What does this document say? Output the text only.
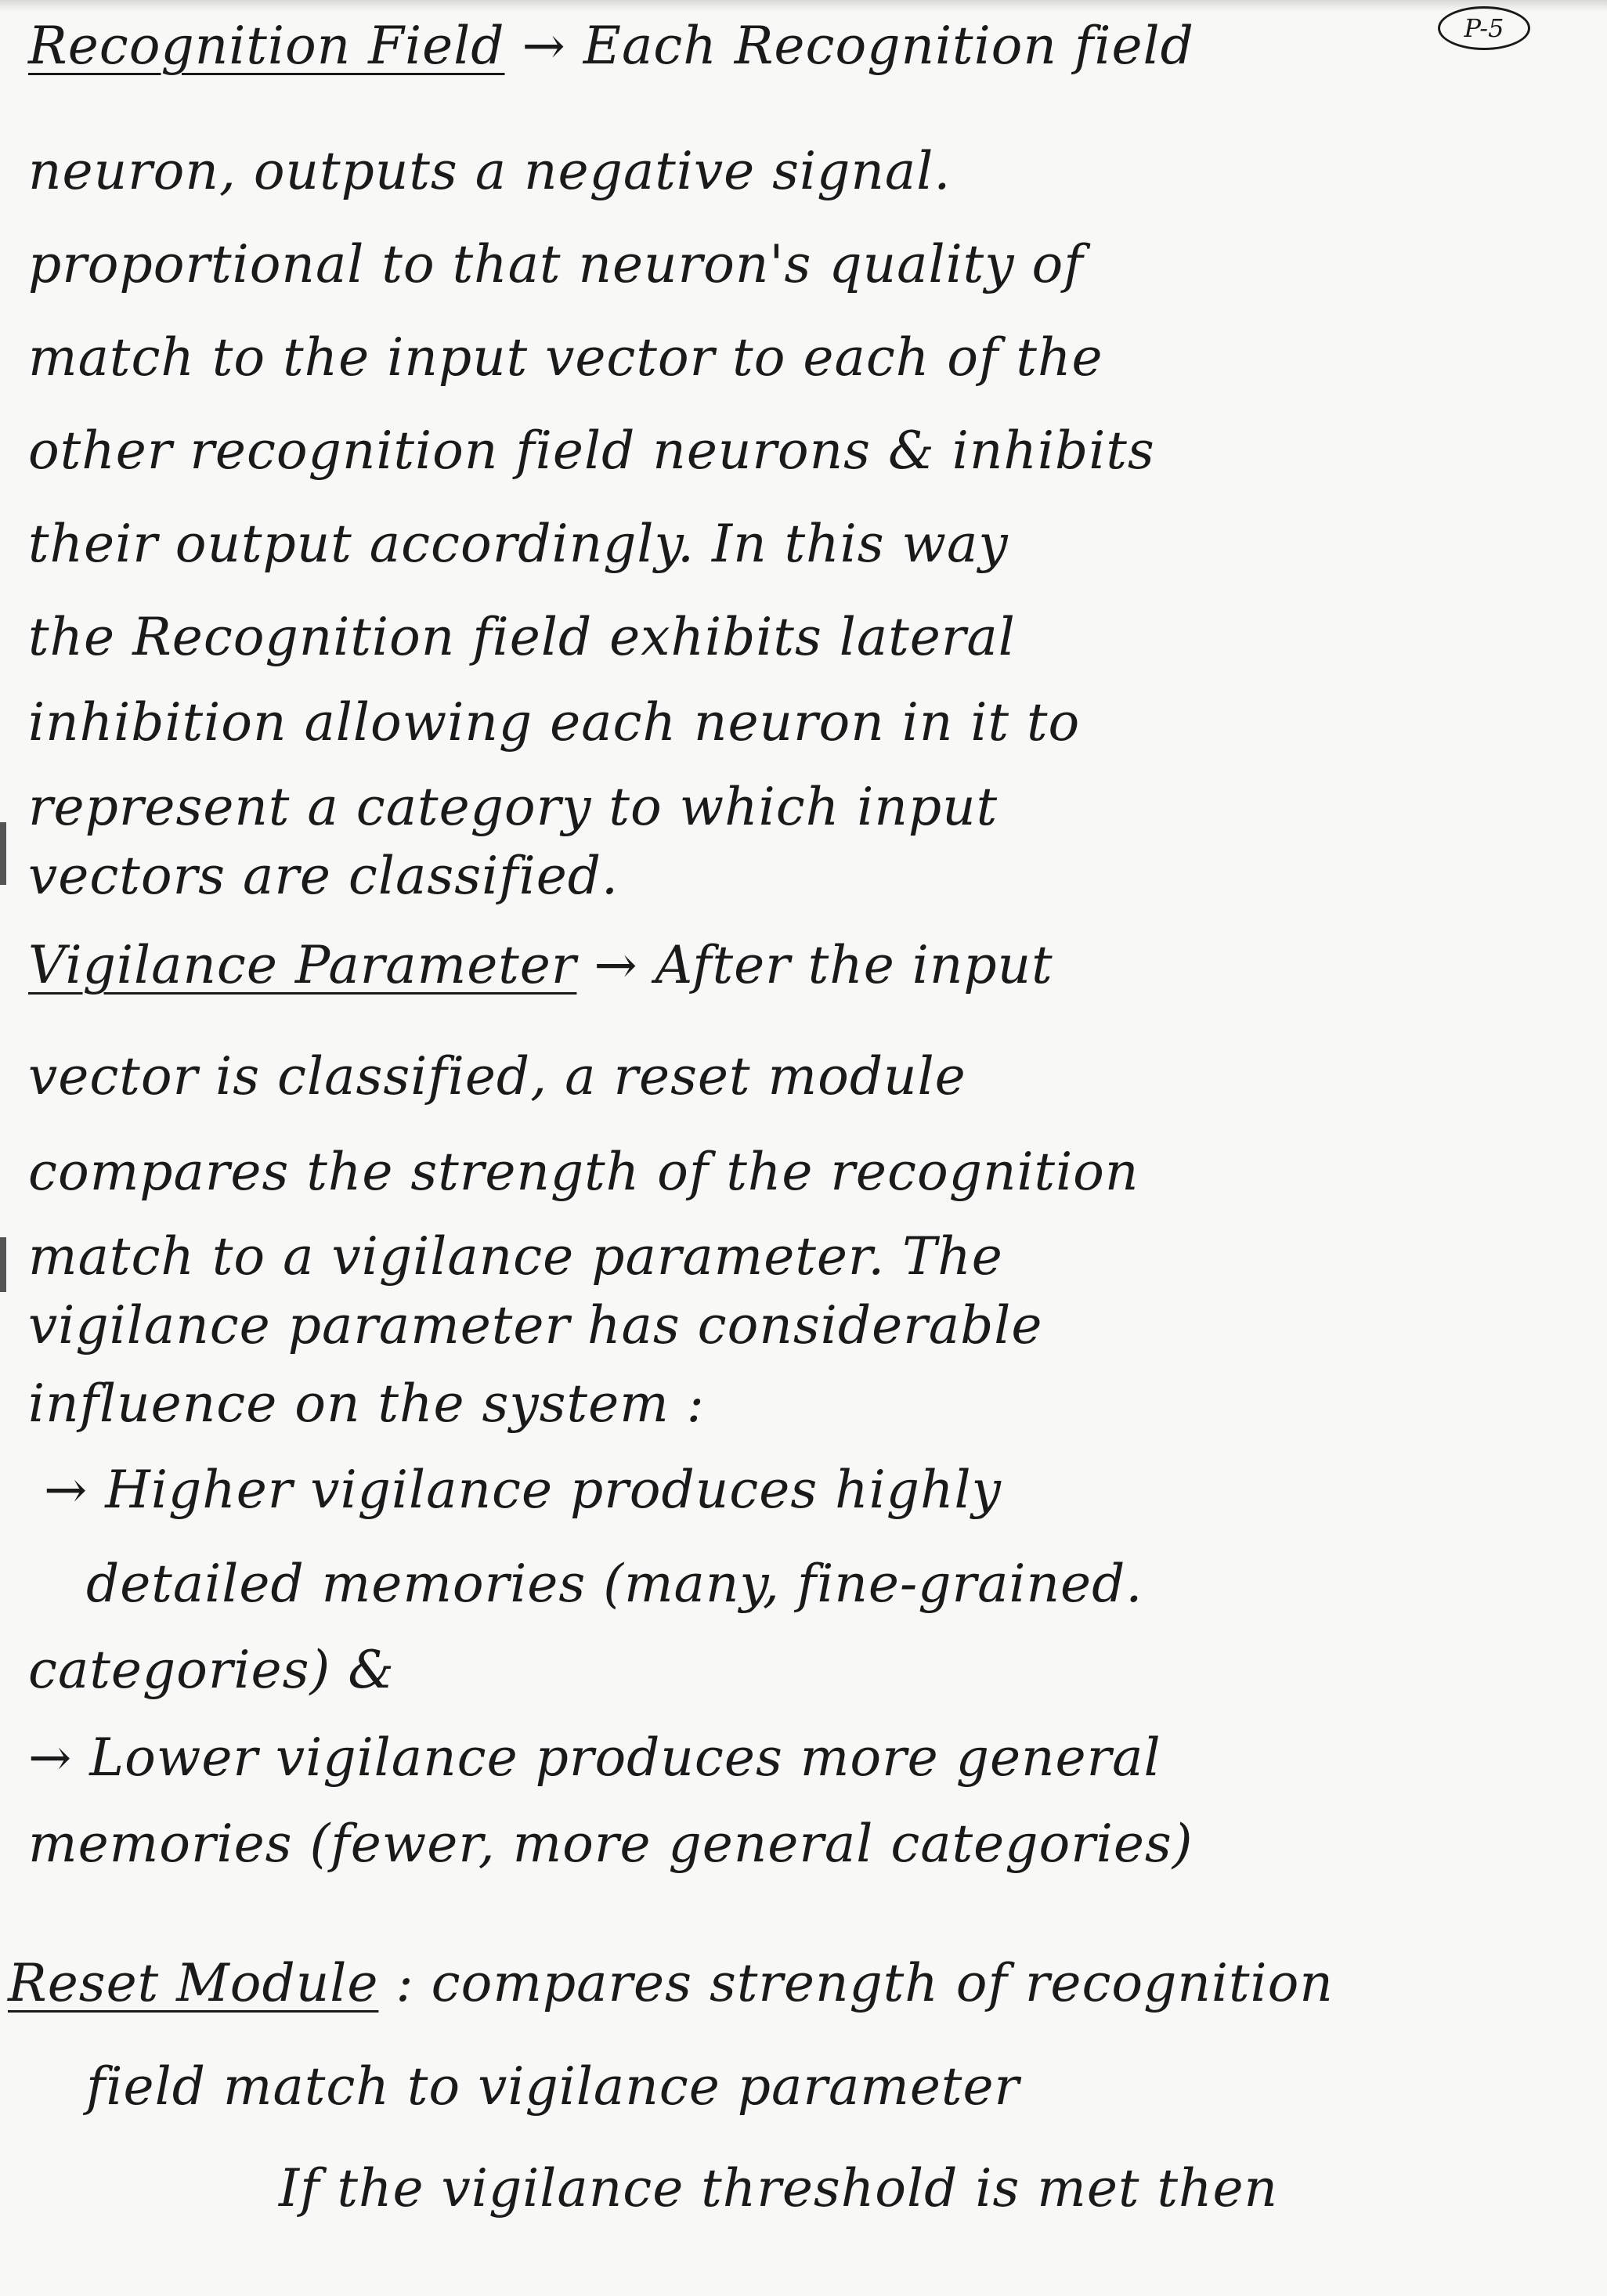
P-5
Recognition Field → Each Recognition field
neuron, outputs a negative signal.
proportional to that neuron's quality of
match to the input vector to each of the
other recognition field neurons & inhibits
their output accordingly. In this way
the Recognition field exhibits lateral
inhibition allowing each neuron in it to
represent a category to which input
vectors are classified.
Vigilance Parameter → After the input
vector is classified, a reset module
compares the strength of the recognition
match to a vigilance parameter. The
vigilance parameter has considerable
influence on the system :
→ Higher vigilance produces highly
detailed memories (many, fine-grained.
categories) &
→ Lower vigilance produces more general
memories (fewer, more general categories)
Reset Module : compares strength of recognition
field match to vigilance parameter
If the vigilance threshold is met then
